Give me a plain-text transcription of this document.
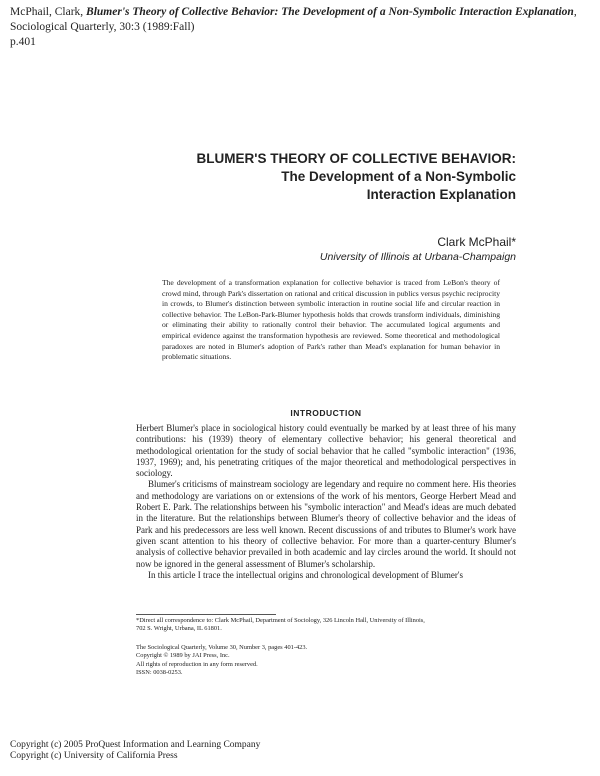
McPhail, Clark, Blumer's Theory of Collective Behavior: The Development of a Non-Symbolic Interaction Explanation, Sociological Quarterly, 30:3 (1989:Fall)
p.401
BLUMER'S THEORY OF COLLECTIVE BEHAVIOR:
The Development of a Non-Symbolic
Interaction Explanation
Clark McPhail*
University of Illinois at Urbana-Champaign
The development of a transformation explanation for collective behavior is traced from LeBon's theory of crowd mind, through Park's dissertation on rational and critical discussion in publics versus psychic reciprocity in crowds, to Blumer's distinction between symbolic interaction in routine social life and circular reaction in collective behavior. The LeBon-Park-Blumer hypothesis holds that crowds transform individuals, diminishing or eliminating their ability to rationally control their behavior. The accumulated logical arguments and empirical evidence against the transformation hypothesis are reviewed. Some theoretical and methodological paradoxes are noted in Blumer's adoption of Park's rather than Mead's explanation for human behavior in problematic situations.
INTRODUCTION

Herbert Blumer's place in sociological history could eventually be marked by at least three of his many contributions: his (1939) theory of elementary collective behavior; his general theoretical and methodological orientation for the study of social behavior that he called "symbolic interaction" (1936, 1937, 1969); and, his penetrating critiques of the major theoretical and methodological perspectives in sociology.

Blumer's criticisms of mainstream sociology are legendary and require no comment here. His theories and methodology are variations on or extensions of the work of his mentors, George Herbert Mead and Robert E. Park. The relationships between his "symbolic interaction" and Mead's ideas are much debated in the literature. But the relationships between Blumer's theory of collective behavior and the ideas of Park and his predecessors are less well known. Recent discussions of and tributes to Blumer's work have given scant attention to his theory of collective behavior. For more than a quarter-century Blumer's analysis of collective behavior prevailed in both academic and lay circles around the world. It should not now be ignored in the general assessment of Blumer's scholarship.

In this article I trace the intellectual origins and chronological development of Blumer's

*Direct all correspondence to: Clark McPhail, Department of Sociology, 326 Lincoln Hall, University of Illinois,
702 S. Wright, Urbana, IL 61801.
The Sociological Quarterly, Volume 30, Number 3, pages 401-423.
Copyright © 1989 by JAI Press, Inc.
All rights of reproduction in any form reserved.
ISSN: 0038-0253.
Copyright (c) 2005 ProQuest Information and Learning Company
Copyright (c) University of California Press
